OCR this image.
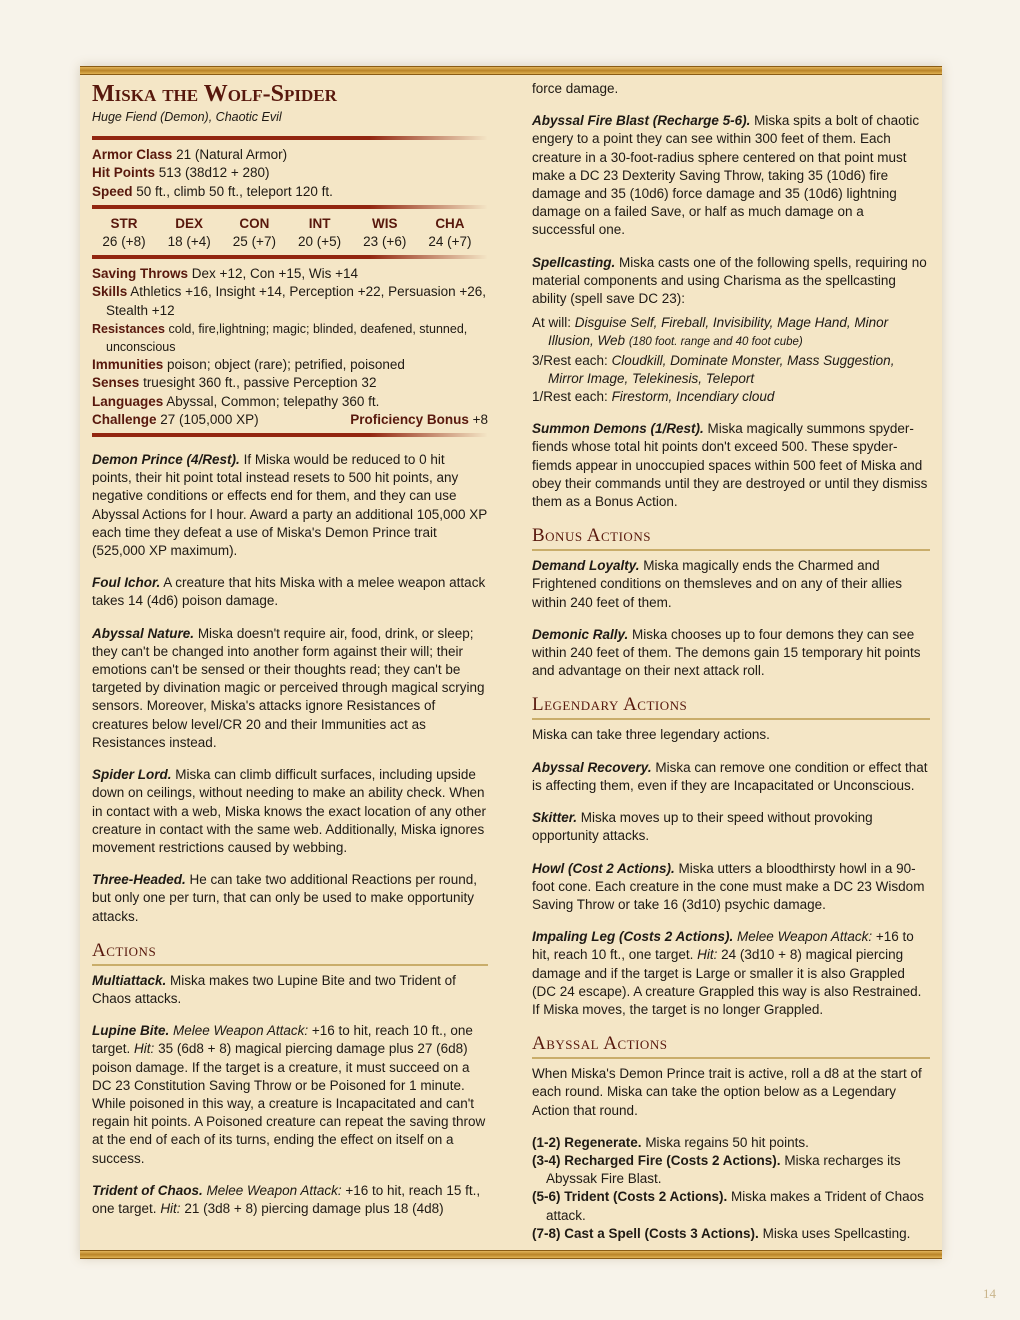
Miska the Wolf-Spider
Huge Fiend (Demon), Chaotic Evil
Armor Class 21 (Natural Armor)
Hit Points 513 (38d12 + 280)
Speed 50 ft., climb 50 ft., teleport 120 ft.
STR
26 (+8)
DEX
18 (+4)
CON
25 (+7)
INT
20 (+5)
WIS
23 (+6)
CHA
24 (+7)
Saving Throws Dex +12, Con +15, Wis +14
Skills Athletics +16, Insight +14, Perception +22, Persuasion +26, Stealth +12
Resistances cold, fire,lightning; magic; blinded, deafened, stunned, unconscious
Immunities poison; object (rare); petrified, poisoned
Senses truesight 360 ft., passive Perception 32
Languages Abyssal, Common; telepathy 360 ft.
Challenge 27 (105,000 XP)	Proficiency Bonus +8

Demon Prince (4/Rest). If Miska would be reduced to 0 hit points, their hit point total instead resets to 500 hit points, any negative conditions or effects end for them, and they can use Abyssal Actions for l hour. Award a party an additional 105,000 XP each time they defeat a use of Miska's Demon Prince trait (525,000 XP maximum).

Foul Ichor. A creature that hits Miska with a melee weapon attack takes 14 (4d6) poison damage.

Abyssal Nature. Miska doesn't require air, food, drink, or sleep; they can't be changed into another form against their will; their emotions can't be sensed or their thoughts read; they can't be targeted by divination magic or perceived through magical scrying sensors. Moreover, Miska's attacks ignore Resistances of creatures below level/CR 20 and their Immunities act as Resistances instead.

Spider Lord. Miska can climb difficult surfaces, including upside down on ceilings, without needing to make an ability check. When in contact with a web, Miska knows the exact location of any other creature in contact with the same web. Additionally, Miska ignores movement restrictions caused by webbing.

Three-Headed. He can take two additional Reactions per round, but only one per turn, that can only be used to make opportunity attacks.

Actions

Multiattack. Miska makes two Lupine Bite and two Trident of Chaos attacks.

Lupine Bite. Melee Weapon Attack: +16 to hit, reach 10 ft., one target. Hit: 35 (6d8 + 8) magical piercing damage plus 27 (6d8) poison damage. If the target is a creature, it must succeed on a DC 23 Constitution Saving Throw or be Poisoned for 1 minute. While poisoned in this way, a creature is Incapacitated and can't regain hit points. A Poisoned creature can repeat the saving throw at the end of each of its turns, ending the effect on itself on a success.

Trident of Chaos. Melee Weapon Attack: +16 to hit, reach 15 ft., one target. Hit: 21 (3d8 + 8) piercing damage plus 18 (4d8)

force damage.

Abyssal Fire Blast (Recharge 5-6). Miska spits a bolt of chaotic engery to a point they can see within 300 feet of them. Each creature in a 30-foot-radius sphere centered on that point must make a DC 23 Dexterity Saving Throw, taking 35 (10d6) fire damage and 35 (10d6) force damage and 35 (10d6) lightning damage on a failed Save, or half as much damage on a successful one.

Spellcasting. Miska casts one of the following spells, requiring no material components and using Charisma as the spellcasting ability (spell save DC 23):

At will: Disguise Self, Fireball, Invisibility, Mage Hand, Minor Illusion, Web (180 foot. range and 40 foot cube)
3/Rest each: Cloudkill, Dominate Monster, Mass Suggestion, Mirror Image, Telekinesis, Teleport
1/Rest each: Firestorm, Incendiary cloud

Summon Demons (1/Rest). Miska magically summons spyder-fiends whose total hit points don't exceed 500. These spyder-fiemds appear in unoccupied spaces within 500 feet of Miska and obey their commands until they are destroyed or until they dismiss them as a Bonus Action.

Bonus Actions

Demand Loyalty. Miska magically ends the Charmed and Frightened conditions on themsleves and on any of their allies within 240 feet of them.

Demonic Rally. Miska chooses up to four demons they can see within 240 feet of them. The demons gain 15 temporary hit points and advantage on their next attack roll.

Legendary Actions

Miska can take three legendary actions.

Abyssal Recovery. Miska can remove one condition or effect that is affecting them, even if they are Incapacitated or Unconscious.

Skitter. Miska moves up to their speed without provoking opportunity attacks.

Howl (Cost 2 Actions). Miska utters a bloodthirsty howl in a 90-foot cone. Each creature in the cone must make a DC 23 Wisdom Saving Throw or take 16 (3d10) psychic damage.

Impaling Leg (Costs 2 Actions). Melee Weapon Attack: +16 to hit, reach 10 ft., one target. Hit: 24 (3d10 + 8) magical piercing damage and if the target is Large or smaller it is also Grappled (DC 24 escape). A creature Grappled this way is also Restrained. If Miska moves, the target is no longer Grappled.

Abyssal Actions

When Miska's Demon Prince trait is active, roll a d8 at the start of each round. Miska can take the option below as a Legendary Action that round.

(1-2) Regenerate. Miska regains 50 hit points.

(3-4) Recharged Fire (Costs 2 Actions). Miska recharges its Abyssak Fire Blast.

(5-6) Trident (Costs 2 Actions). Miska makes a Trident of Chaos attack.

(7-8) Cast a Spell (Costs 3 Actions). Miska uses Spellcasting.

14
